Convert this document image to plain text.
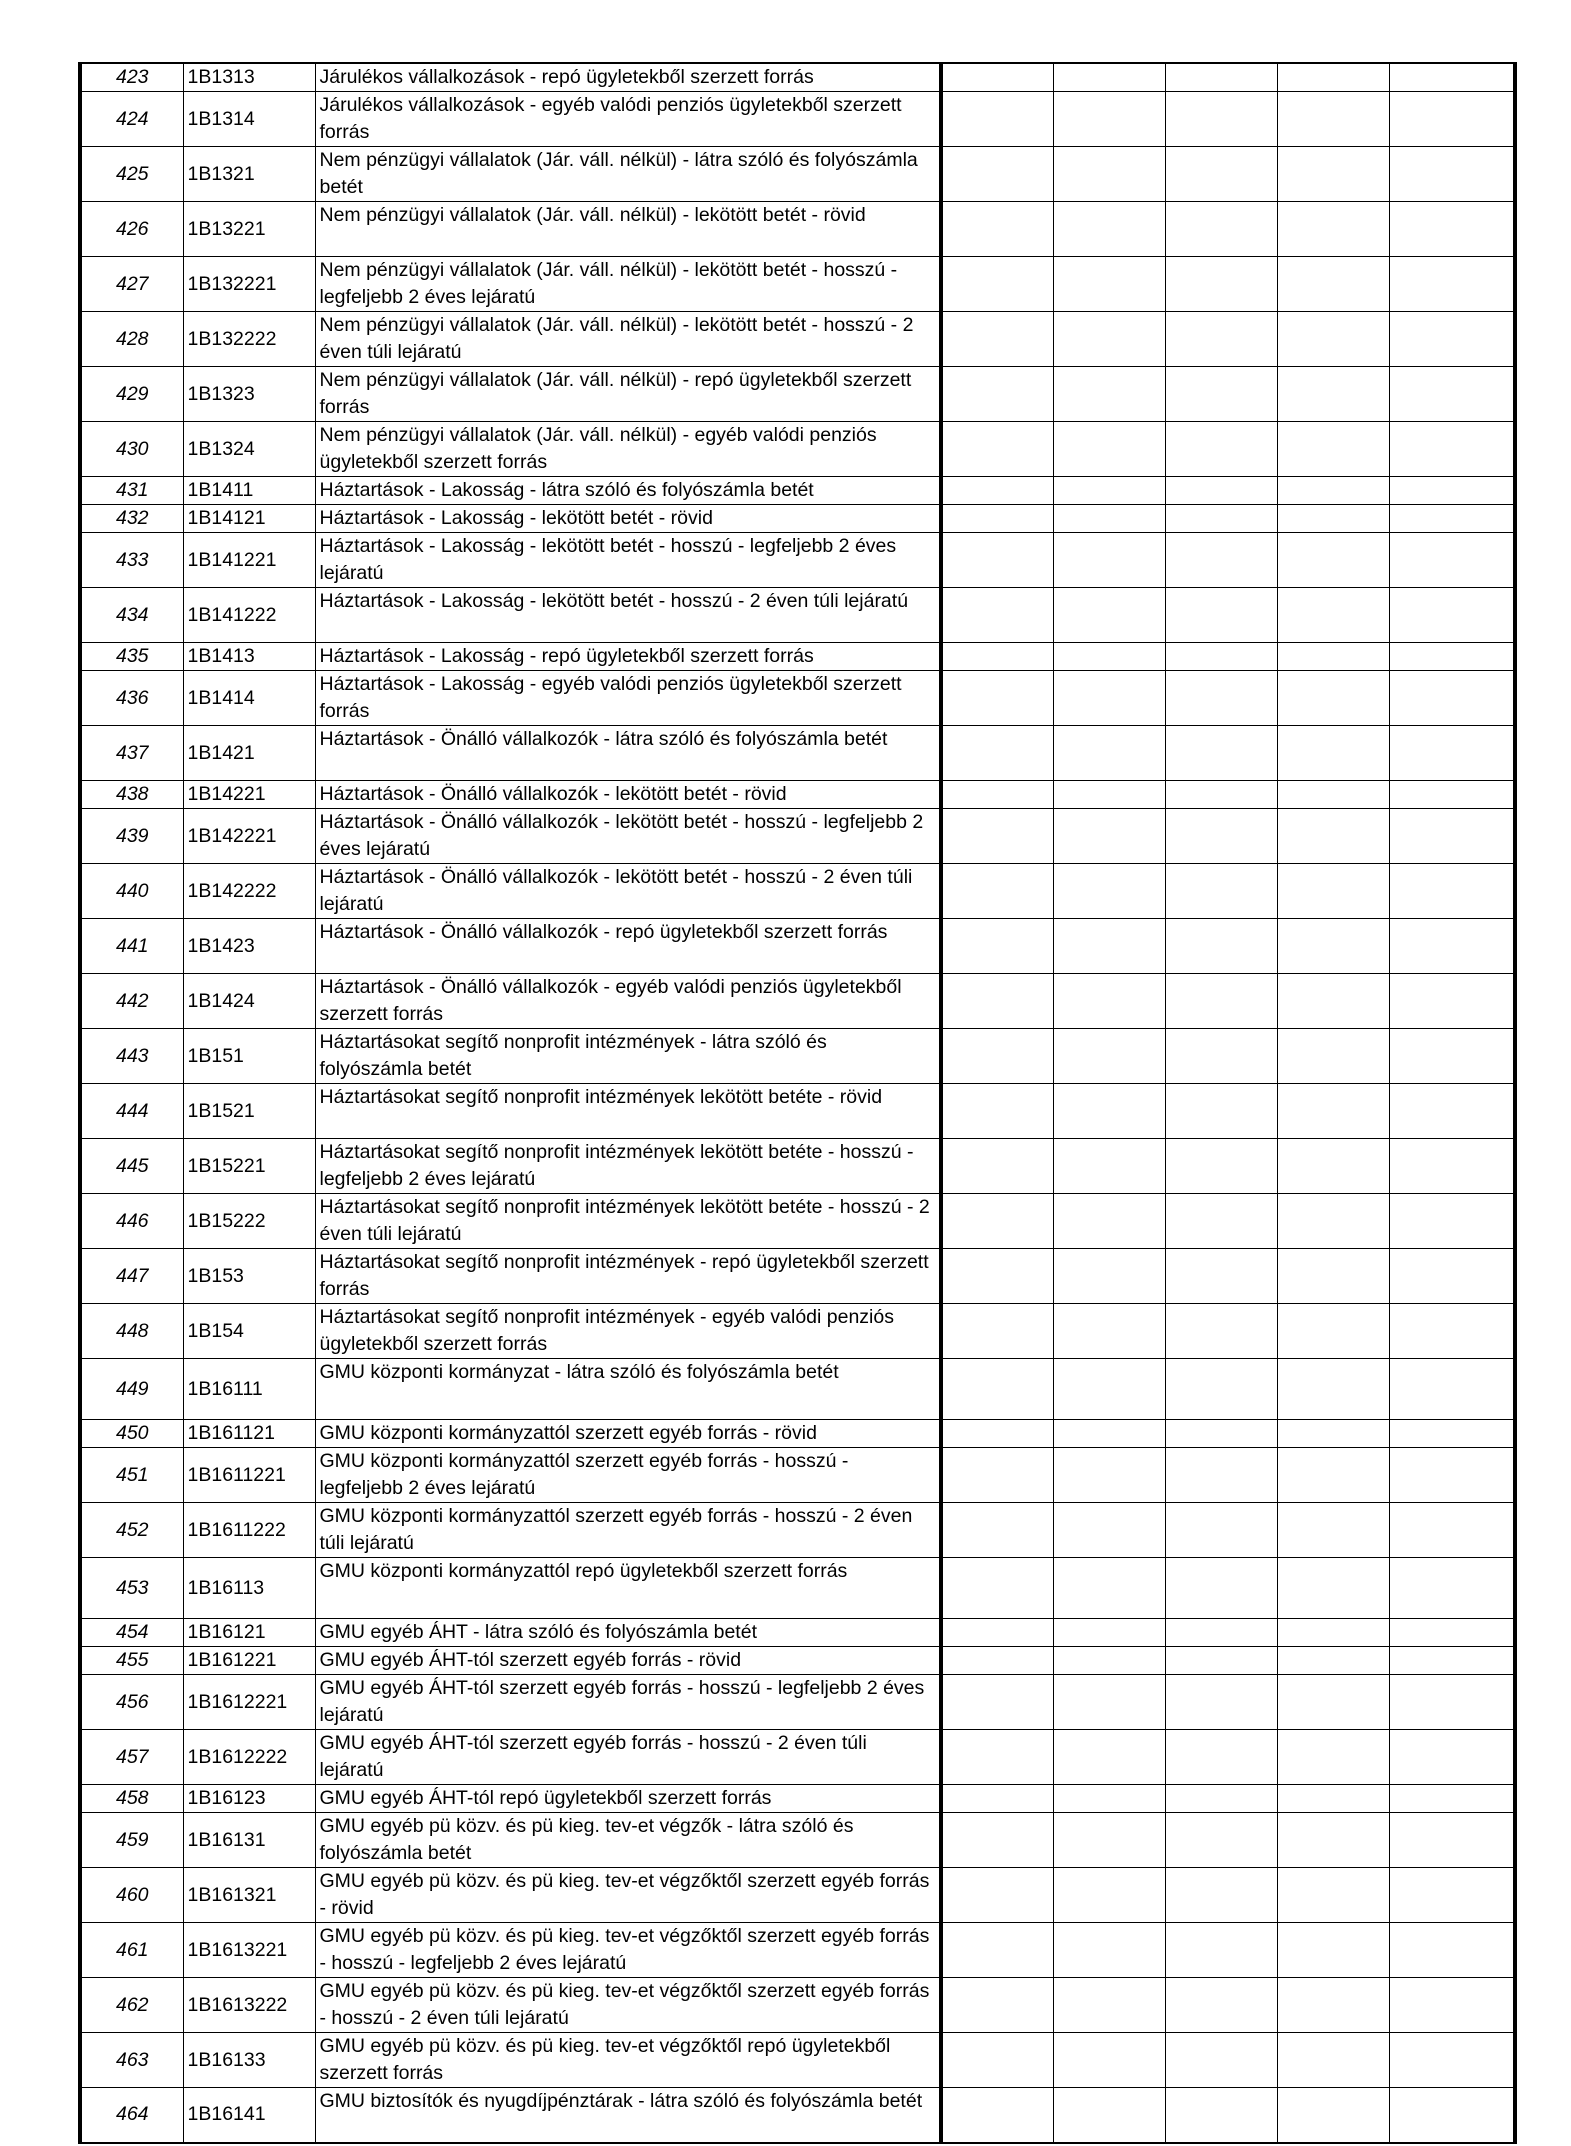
423	1B1313	Járulékos vállalkozások - repó ügyletekből szerzett forrás					
424	1B1314	Járulékos vállalkozások - egyéb valódi penziós ügyletekből szerzett forrás					
425	1B1321	Nem pénzügyi vállalatok (Jár. váll. nélkül) - látra szóló és folyószámla betét					
426	1B13221	Nem pénzügyi vállalatok (Jár. váll. nélkül) - lekötött betét - rövid					
427	1B132221	Nem pénzügyi vállalatok (Jár. váll. nélkül) - lekötött betét - hosszú - legfeljebb 2 éves lejáratú					
428	1B132222	Nem pénzügyi vállalatok (Jár. váll. nélkül) - lekötött betét - hosszú - 2 éven túli lejáratú					
429	1B1323	Nem pénzügyi vállalatok (Jár. váll. nélkül) - repó ügyletekből szerzett forrás					
430	1B1324	Nem pénzügyi vállalatok (Jár. váll. nélkül) - egyéb valódi penziós ügyletekből szerzett forrás					
431	1B1411	Háztartások - Lakosság - látra szóló és folyószámla betét					
432	1B14121	Háztartások - Lakosság - lekötött betét - rövid					
433	1B141221	Háztartások - Lakosság - lekötött betét - hosszú - legfeljebb 2 éves lejáratú					
434	1B141222	Háztartások - Lakosság - lekötött betét - hosszú - 2 éven túli lejáratú					
435	1B1413	Háztartások - Lakosság - repó ügyletekből szerzett forrás					
436	1B1414	Háztartások - Lakosság - egyéb valódi penziós ügyletekből szerzett forrás					
437	1B1421	Háztartások - Önálló vállalkozók - látra szóló és folyószámla betét					
438	1B14221	Háztartások - Önálló vállalkozók - lekötött betét - rövid					
439	1B142221	Háztartások - Önálló vállalkozók - lekötött betét - hosszú - legfeljebb 2 éves lejáratú					
440	1B142222	Háztartások - Önálló vállalkozók - lekötött betét - hosszú - 2 éven túli lejáratú					
441	1B1423	Háztartások - Önálló vállalkozók - repó ügyletekből szerzett forrás					
442	1B1424	Háztartások - Önálló vállalkozók - egyéb valódi penziós ügyletekből szerzett forrás					
443	1B151	Háztartásokat segítő nonprofit intézmények - látra szóló és folyószámla betét					
444	1B1521	Háztartásokat segítő nonprofit intézmények lekötött betéte - rövid					
445	1B15221	Háztartásokat segítő nonprofit intézmények lekötött betéte - hosszú - legfeljebb 2 éves lejáratú					
446	1B15222	Háztartásokat segítő nonprofit intézmények lekötött betéte - hosszú - 2 éven túli lejáratú					
447	1B153	Háztartásokat segítő nonprofit intézmények - repó ügyletekből szerzett forrás					
448	1B154	Háztartásokat segítő nonprofit intézmények - egyéb valódi penziós ügyletekből szerzett forrás					
449	1B16111	GMU központi kormányzat - látra szóló és folyószámla betét					
450	1B161121	GMU központi kormányzattól szerzett egyéb forrás - rövid					
451	1B1611221	GMU központi kormányzattól szerzett egyéb forrás - hosszú - legfeljebb 2 éves lejáratú					
452	1B1611222	GMU központi kormányzattól szerzett egyéb forrás - hosszú - 2 éven túli lejáratú					
453	1B16113	GMU központi kormányzattól repó ügyletekből szerzett forrás					
454	1B16121	GMU egyéb ÁHT - látra szóló és folyószámla betét					
455	1B161221	GMU egyéb ÁHT-tól szerzett egyéb forrás - rövid					
456	1B1612221	GMU egyéb ÁHT-tól szerzett egyéb forrás - hosszú - legfeljebb 2 éves lejáratú					
457	1B1612222	GMU egyéb ÁHT-tól szerzett egyéb forrás - hosszú - 2 éven túli lejáratú					
458	1B16123	GMU egyéb ÁHT-tól repó ügyletekből szerzett forrás					
459	1B16131	GMU egyéb pü közv. és pü kieg. tev-et végzők - látra szóló és folyószámla betét					
460	1B161321	GMU egyéb pü közv. és pü kieg. tev-et végzőktől szerzett egyéb forrás - rövid					
461	1B1613221	GMU egyéb pü közv. és pü kieg. tev-et végzőktől szerzett egyéb forrás - hosszú - legfeljebb 2 éves lejáratú					
462	1B1613222	GMU egyéb pü közv. és pü kieg. tev-et végzőktől szerzett egyéb forrás - hosszú - 2 éven túli lejáratú					
463	1B16133	GMU egyéb pü közv. és pü kieg. tev-et végzőktől repó ügyletekből szerzett forrás					
464	1B16141	GMU biztosítók és nyugdíjpénztárak - látra szóló és folyószámla betét					
